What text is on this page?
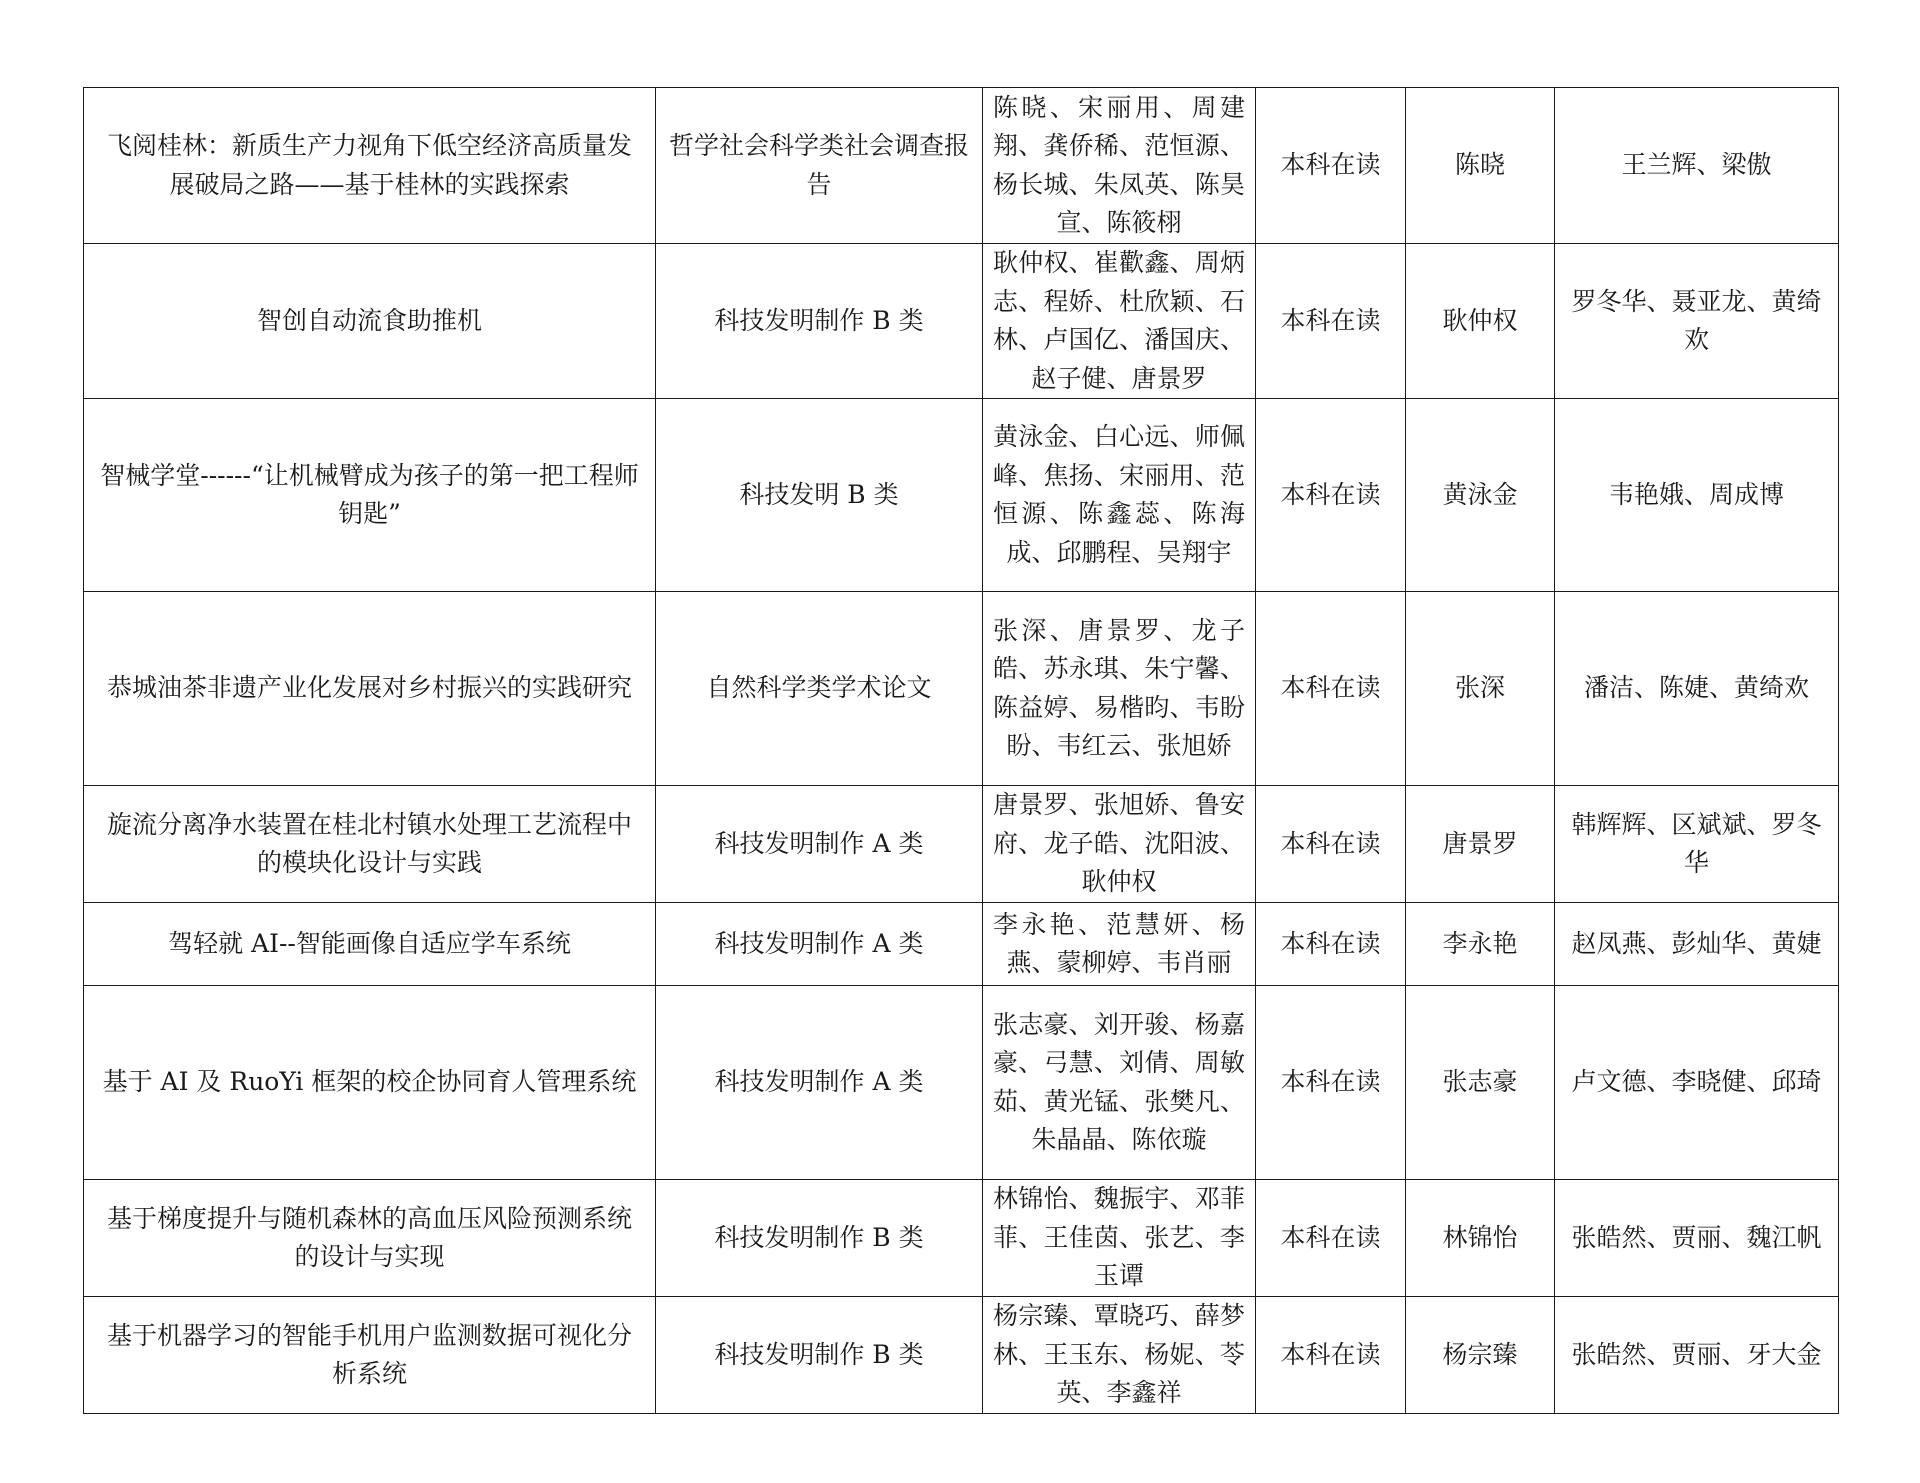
飞阅桂林：新质生产力视角下低空经济高质量发展破局之路——基于桂林的实践探索	哲学社会科学类社会调查报告	陈晓、宋丽用、周建翔、龚侨稀、范恒源、杨长城、朱凤英、陈昊宣、陈筱栩	本科在读	陈晓	王兰辉、梁傲
智创自动流食助推机	科技发明制作 B 类	耿仲权、崔歡鑫、周炳志、程娇、杜欣颖、石林、卢国亿、潘国庆、赵子健、唐景罗	本科在读	耿仲权	罗冬华、聂亚龙、黄绮欢
智械学堂------“让机械臂成为孩子的第一把工程师钥匙”	科技发明 B 类	黄泳金、白心远、师佩峰、焦扬、宋丽用、范恒源、陈鑫蕊、陈海成、邱鹏程、吴翔宇	本科在读	黄泳金	韦艳娥、周成博
恭城油茶非遗产业化发展对乡村振兴的实践研究	自然科学类学术论文	张深、唐景罗、龙子皓、苏永琪、朱宁馨、陈益婷、易楷昀、韦盼盼、韦红云、张旭娇	本科在读	张深	潘洁、陈婕、黄绮欢
旋流分离净水装置在桂北村镇水处理工艺流程中的模块化设计与实践	科技发明制作 A 类	唐景罗、张旭娇、鲁安府、龙子皓、沈阳波、耿仲权	本科在读	唐景罗	韩辉辉、区斌斌、罗冬华
驾轻就 AI--智能画像自适应学车系统	科技发明制作 A 类	李永艳、范慧妍、杨燕、蒙柳婷、韦肖丽	本科在读	李永艳	赵凤燕、彭灿华、黄婕
基于 AI 及 RuoYi 框架的校企协同育人管理系统	科技发明制作 A 类	张志豪、刘开骏、杨嘉豪、弓慧、刘倩、周敏茹、黄光锰、张樊凡、朱晶晶、陈依璇	本科在读	张志豪	卢文德、李晓健、邱琦
基于梯度提升与随机森林的高血压风险预测系统的设计与实现	科技发明制作 B 类	林锦怡、魏振宇、邓菲菲、王佳茵、张艺、李玉谭	本科在读	林锦怡	张皓然、贾丽、魏江帆
基于机器学习的智能手机用户监测数据可视化分析系统	科技发明制作 B 类	杨宗臻、覃晓巧、薛梦林、王玉东、杨妮、苓英、李鑫祥	本科在读	杨宗臻	张皓然、贾丽、牙大金
